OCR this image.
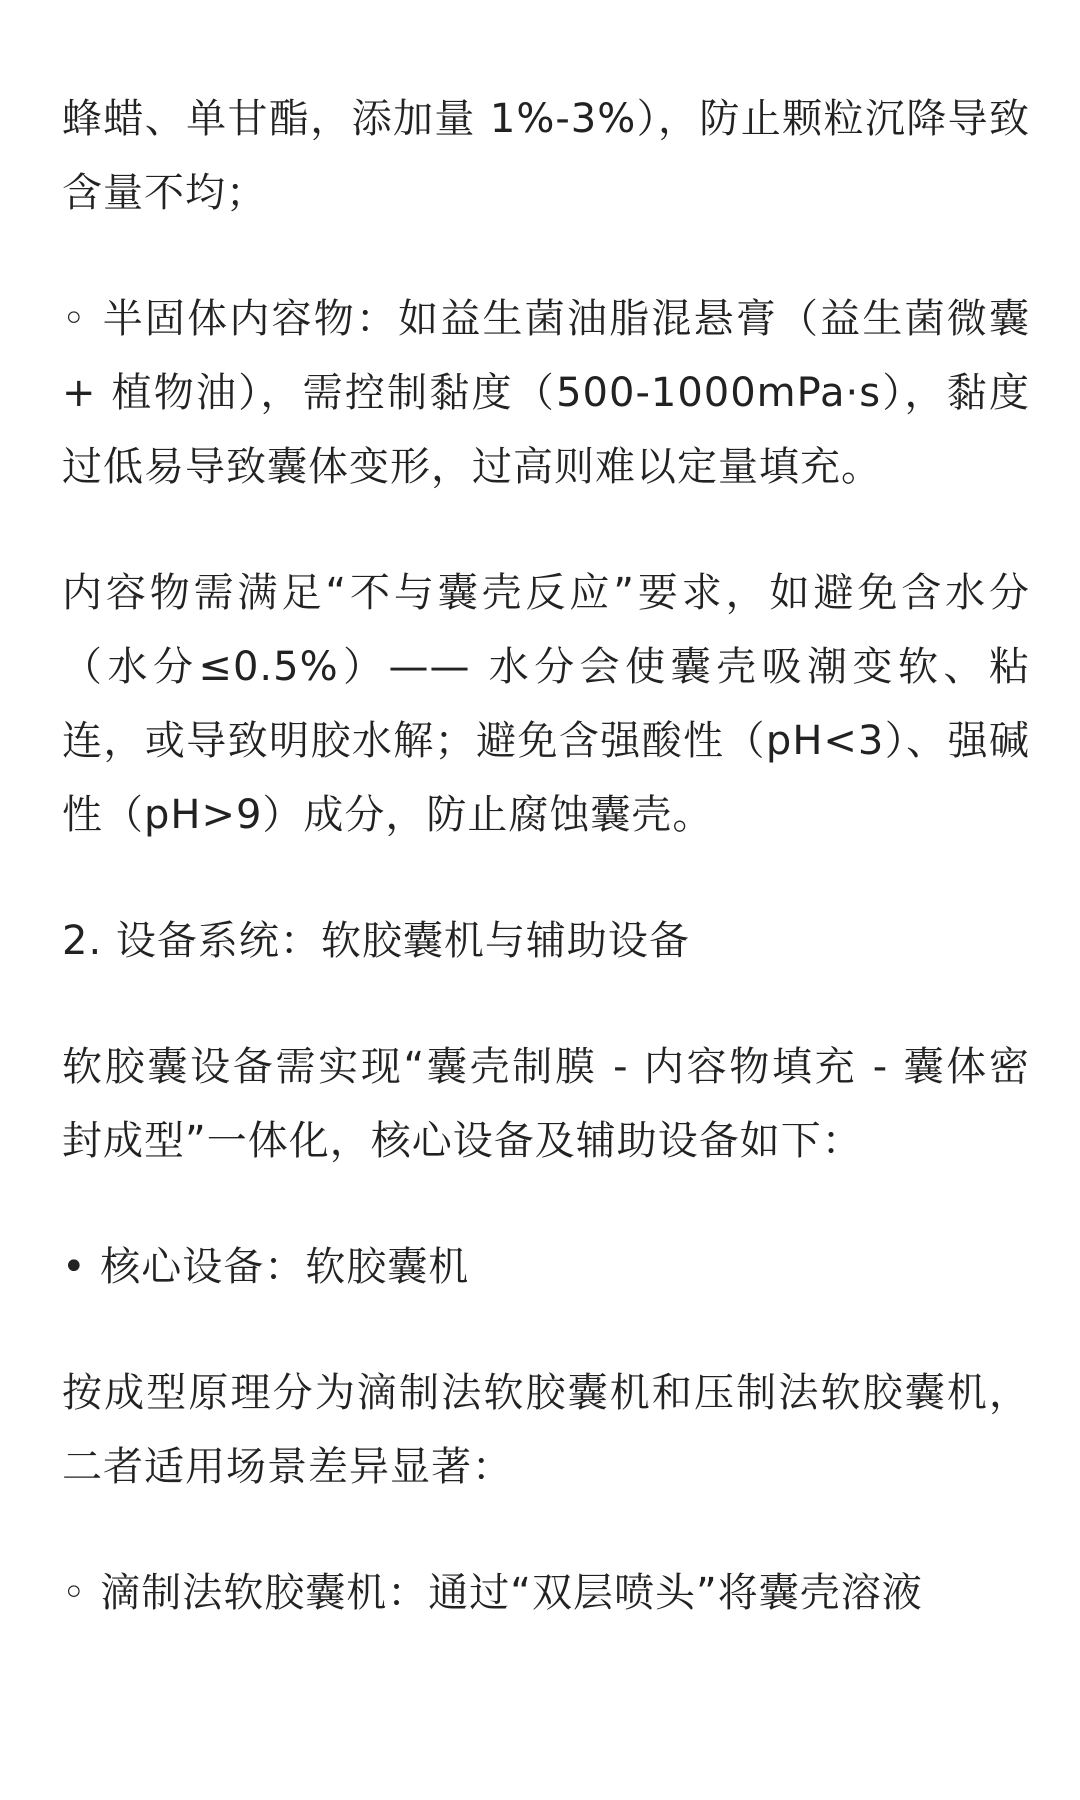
蜂蜡、单甘酯，添加量 1%-3%），防止颗粒沉降导致含量不均；

◦ 半固体内容物：如益生菌油脂混悬膏（益生菌微囊 + 植物油），需控制黏度（500-1000mPa·s），黏度过低易导致囊体变形，过高则难以定量填充。

内容物需满足“不与囊壳反应”要求，如避免含水分（水分≤0.5%）—— 水分会使囊壳吸潮变软、粘连，或导致明胶水解；避免含强酸性（pH<3）、强碱性（pH>9）成分，防止腐蚀囊壳。

2. 设备系统：软胶囊机与辅助设备

软胶囊设备需实现“囊壳制膜 - 内容物填充 - 囊体密封成型”一体化，核心设备及辅助设备如下：

• 核心设备：软胶囊机

按成型原理分为滴制法软胶囊机和压制法软胶囊机，二者适用场景差异显著：

◦ 滴制法软胶囊机：通过“双层喷头”将囊壳溶液
